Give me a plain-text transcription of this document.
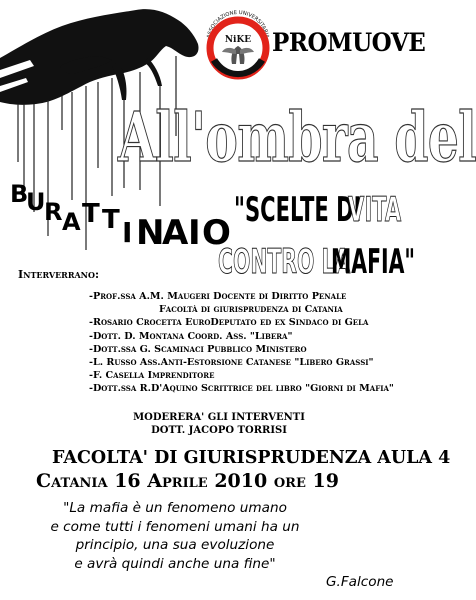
ASSOCIAZIONE UNIVERSITARIA
NiKE PROMUOVE
All'ombra del
B
U
R A T T I N
A I O
"SCELTE DI
VITA
CONTRO LA
MAFIA"
Interverrano:
-Prof.ssa A.M. Maugeri Docente di Diritto Penale
Facoltà di giurisprudenza di Catania
-Rosario Crocetta EuroDeputato ed ex Sindaco di Gela
-Dott. D. Montana Coord. Ass. "Libera"
-Dott.ssa G. Scaminaci Pubblico Ministero
-L. Russo Ass.Anti-Estorsione Catanese "Libero Grassi"
-F. Casella Imprenditore
-Dott.ssa R.D'Aquino Scrittrice del libro "Giorni di Mafia"
MODERERA' GLI INTERVENTI
DOTT. JACOPO TORRISI
FACOLTA' DI GIURISPRUDENZA AULA 4
Catania 16 Aprile 2010 ore 19
"La mafia è un fenomeno umano
e come tutti i fenomeni umani ha un
principio, una sua evoluzione
e avrà quindi anche una fine"
G.Falcone
